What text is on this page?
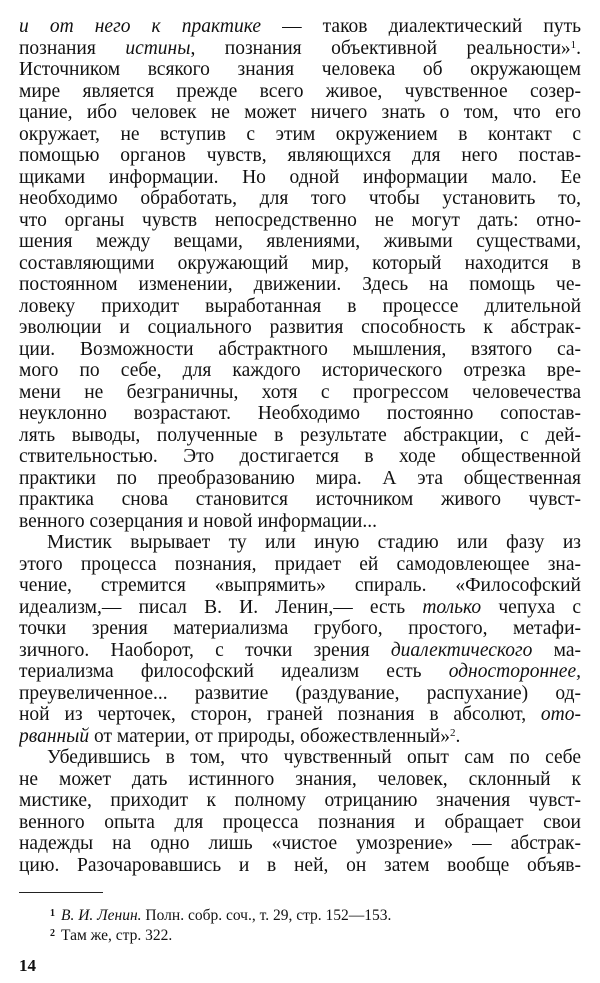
и от него к практике — таков диалектический путь
познания истины, познания объективной реальности»$^1$.
Источником всякого знания человека об окружающем
мире является прежде всего живое, чувственное созер-
цание, ибо человек не может ничего знать о том, что его
окружает, не вступив с этим окружением в контакт с
помощью органов чувств, являющихся для него постав-
щиками информации. Но одной информации мало. Ее
необходимо обработать, для того чтобы установить то,
что органы чувств непосредственно не могут дать: отно-
шения между вещами, явлениями, живыми существами,
составляющими окружающий мир, который находится в
постоянном изменении, движении. Здесь на помощь че-
ловеку приходит выработанная в процессе длительной
эволюции и социального развития способность к абстрак-
ции. Возможности абстрактного мышления, взятого са-
мого по себе, для каждого исторического отрезка вре-
мени не безграничны, хотя с прогрессом человечества
неуклонно возрастают. Необходимо постоянно сопостав-
лять выводы, полученные в результате абстракции, с дей-
ствительностью. Это достигается в ходе общественной
практики по преобразованию мира. А эта общественная
практика снова становится источником живого чувст-
венного созерцания и новой информации...
Мистик вырывает ту или иную стадию или фазу из
этого процесса познания, придает ей самодовлеющее зна-
чение, стремится «выпрямить» спираль. «Философский
идеализм,— писал В. И. Ленин,— есть только чепуха с
точки зрения материализма грубого, простого, метафи-
зичного. Наоборот, с точки зрения диалектического ма-
териализма философский идеализм есть одностороннее,
преувеличенное... развитие (раздувание, распухание) од-
ной из черточек, сторон, граней познания в абсолют, ото-
рванный от материи, от природы, обожествленный»$^2$.
Убедившись в том, что чувственный опыт сам по себе
не может дать истинного знания, человек, склонный к
мистике, приходит к полному отрицанию значения чувст-
венного опыта для процесса познания и обращает свои
надежды на одно лишь «чистое умозрение» — абстрак-
цию. Разочаровавшись и в ней, он затем вообще объяв-
$^1$ В. И. Ленин. Полн. собр. соч., т. 29, стр. 152—153.
$^2$ Там же, стр. 322.
14
